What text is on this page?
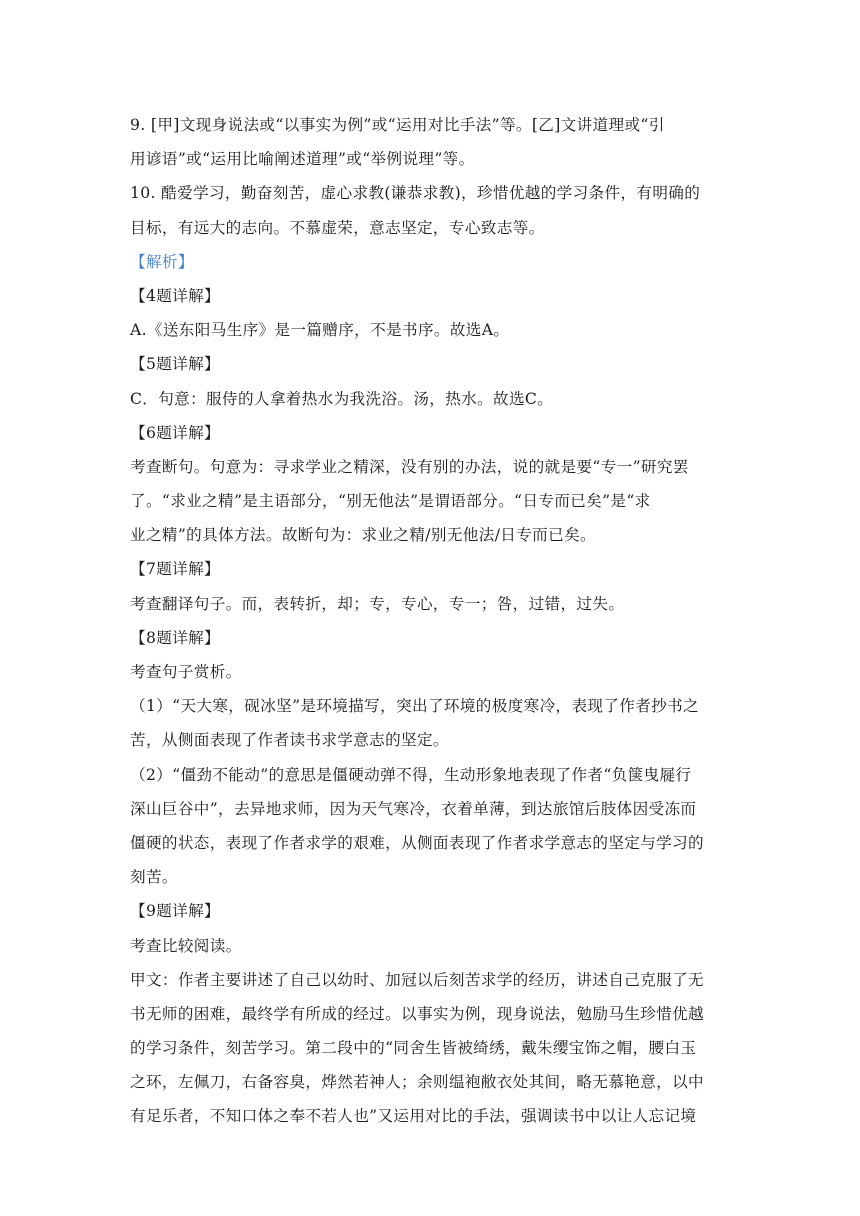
9. [甲]文现身说法或“以事实为例”或“运用对比手法”等。[乙]文讲道理或“引
用谚语”或“运用比喻阐述道理”或“举例说理”等。
10. 酷爱学习，勤奋刻苦，虚心求教(谦恭求教)，珍惜优越的学习条件，有明确的
目标，有远大的志向。不慕虚荣，意志坚定，专心致志等。
【解析】
【4题详解】
A.《送东阳马生序》是一篇赠序，不是书序。故选A。
【5题详解】
C．句意：服侍的人拿着热水为我洗浴。汤，热水。故选C。
【6题详解】
考查断句。句意为：寻求学业之精深，没有别的办法，说的就是要“专一”研究罢
了。“求业之精”是主语部分，“别无他法”是谓语部分。“日专而已矣”是“求
业之精”的具体方法。故断句为：求业之精/别无他法/日专而已矣。
【7题详解】
考查翻译句子。而，表转折，却；专，专心，专一；咎，过错，过失。
【8题详解】
考查句子赏析。
（1）“天大寒，砚冰坚”是环境描写，突出了环境的极度寒冷，表现了作者抄书之
苦，从侧面表现了作者读书求学意志的坚定。
（2）“僵劲不能动”的意思是僵硬动弹不得，生动形象地表现了作者“负箧曳屣行
深山巨谷中”，去异地求师，因为天气寒冷，衣着单薄，到达旅馆后肢体因受冻而
僵硬的状态，表现了作者求学的艰难，从侧面表现了作者求学意志的坚定与学习的
刻苦。
【9题详解】
考查比较阅读。
甲文：作者主要讲述了自己以幼时、加冠以后刻苦求学的经历，讲述自己克服了无
书无师的困难，最终学有所成的经过。以事实为例，现身说法，勉励马生珍惜优越
的学习条件，刻苦学习。第二段中的“同舍生皆被绮绣，戴朱缨宝饰之帽，腰白玉
之环，左佩刀，右备容臭，烨然若神人；余则缊袍敝衣处其间，略无慕艳意，以中
有足乐者，不知口体之奉不若人也”又运用对比的手法，强调读书中以让人忘记境
